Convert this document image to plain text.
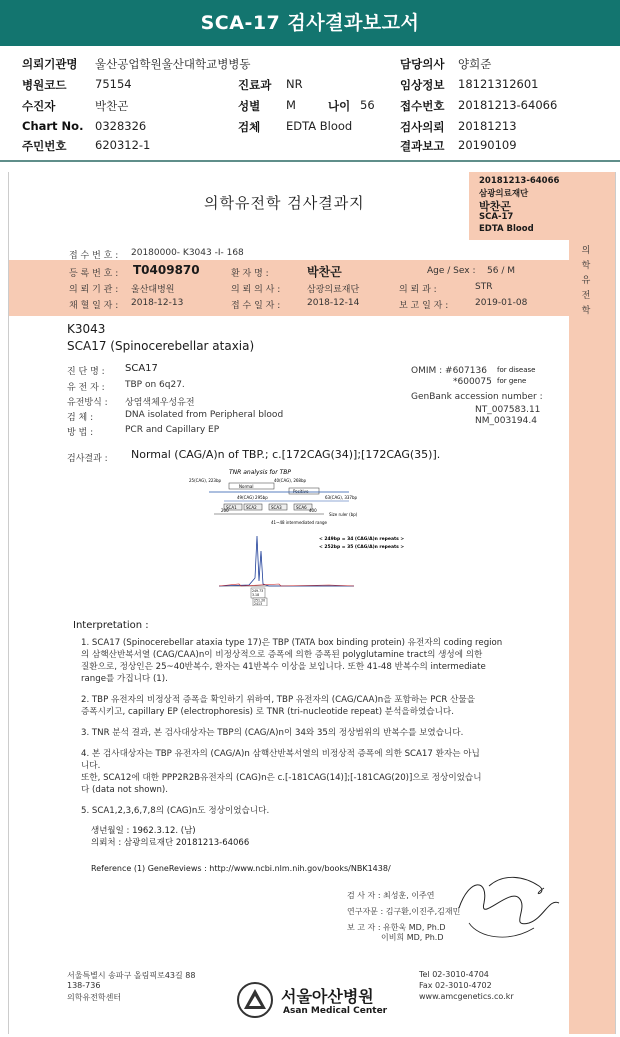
SCA-17 검사결과보고서
의뢰기관명 울산공업학원울산대학교병병동
병원코드 75154
수진자	박찬곤
Chart No. 0328326
주민번호 620312-1
진료과 NR
성별 M	나이 56
검체 EDTA Blood
담당의사 양희준
임상정보 18121312601
접수번호 20181213-64066
검사의뢰 20181213
결과보고 20190109
20181213-64066
삼광의료재단
박찬곤
SCA-17
EDTA Blood
의
학
유
전
학
의학유전학 검사결과지
접 수 번 호 : 20180000- K3043 -I- 168
등 록 번 호 : T0409870	환 자 명 :	박찬곤	Age / Sex : 56 / M
의 뢰 기 관 : 울산대병원	의 뢰 의 사 :	삼광의료재단	의 뢰 과 :	STR
채 혈 일 자 : 2018-12-13	접 수 일 자 :	2018-12-14	보 고 일 자 :	2019-01-08
K3043
SCA17 (Spinocerebellar ataxia)
진 단 명 : SCA17
유 전 자 : TBP on 6q27.
유전방식 : 상염색체우성유전
검 체 :	DNA isolated from Peripheral blood
방 법 :	PCR and Capillary EP
OMIM : #607136 for disease
*600075 for gene
GenBank accession number :
NT_007583.11
NM_003194.4
검사결과 : Normal (CAG/A)n of TBP.; c.[172CAG(34)];[172CAG(35)].
TNR analysis for TBP
25(CAG), 223bp	40(CAG), 268bp
Normal
Positive
49(CAG) 295bp	63(CAG), 337bp
SCA1 SCA2	SCA3	SCA6
200	400
Size ruler (bp)
41~48 intermediated range
< 249bp = 34 (CAG/A)n repeats >
< 252bp = 35 (CAG/A)n repeats >
249.73
3.18
251.20
2413
Interpretation :
1. SCA17 (Spinocerebellar ataxia type 17)은 TBP (TATA box binding protein) 유전자의 coding region
의 삼핵산반복서열 (CAG/CAA)n이 비정상적으로 증폭에 의한 증폭된 polyglutamine tract의 생성에 의한
질환으로, 정상인은 25~40반복수, 환자는 41반복수 이상을 보입니다. 또한 41-48 반복수의 intermediate
range를 가집니다 (1).
2. TBP 유전자의 비정상적 증폭을 확인하기 위하여, TBP 유전자의 (CAG/CAA)n을 포함하는 PCR 산물을
증폭시키고, capillary EP (electrophoresis) 로 TNR (tri-nucleotide repeat) 분석을하였습니다.
3. TNR 분석 결과, 본 검사대상자는 TBP의 (CAG/A)n이 34와 35의 정상범위의 반복수를 보였습니다.
4. 본 검사대상자는 TBP 유전자의 (CAG/A)n 삼핵산반복서열의 비정상적 증폭에 의한 SCA17 환자는 아닙
니다.
또한, SCA12에 대한 PPP2R2B유전자의 (CAG)n은 c.[-181CAG(14)];[-181CAG(20)]으로 정상이었습니
다 (data not shown).
5. SCA1,2,3,6,7,8의 (CAG)n도 정상이었습니다.
생년월일 : 1962.3.12. (남)
의뢰처 : 삼광의료재단 20181213-64066
Reference (1) GeneReviews : http://www.ncbi.nlm.nih.gov/books/NBK1438/
검 사 자 : 최성훈, 이주연
연구자문 : 김구환,이진주,김재민
보 고 자 : 유한욱 MD, Ph.D
이비희 MD, Ph.D
서울특별시 송파구 올림픽로43길 88
138-736
의학유전학센터	서울아산병원
Asan Medical Center
Tel 02-3010-4704
Fax 02-3010-4702
www.amcgenetics.co.kr
